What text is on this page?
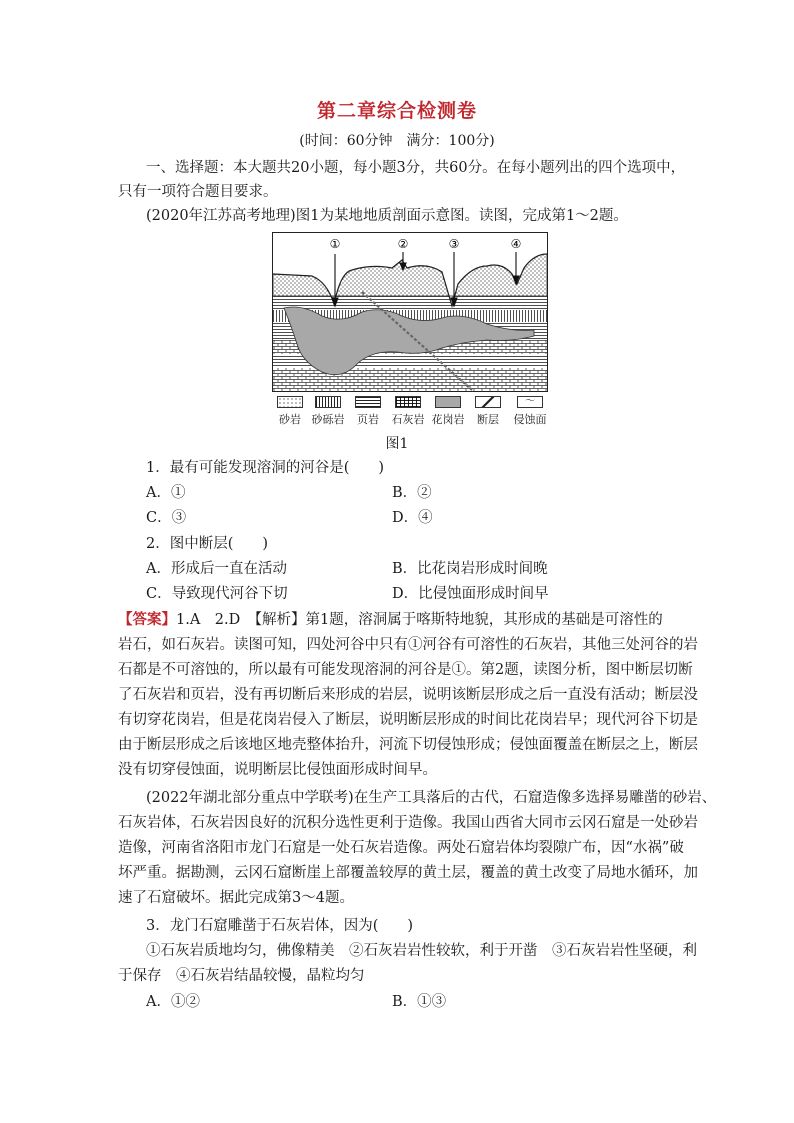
第二章综合检测卷
(时间：60分钟　满分：100分)
一、选择题：本大题共20小题，每小题3分，共60分。在每小题列出的四个选项中，
只有一项符合题目要求。
(2020年江苏高考地理)图1为某地地质剖面示意图。读图，完成第1～2题。
①	②	③	④
砂岩 砂砾岩	页岩	石灰岩 花岗岩	断层
～
侵蚀面
图1
1．最有可能发现溶洞的河谷是(　　)
A．①	B．②
C．③	D．④
2．图中断层(　　)
A．形成后一直在活动	B．比花岗岩形成时间晚
C．导致现代河谷下切	D．比侵蚀面形成时间早
【答案】1.A　2.D　【解析】第1题，溶洞属于喀斯特地貌，其形成的基础是可溶性的
岩石，如石灰岩。读图可知，四处河谷中只有①河谷有可溶性的石灰岩，其他三处河谷的岩
石都是不可溶蚀的，所以最有可能发现溶洞的河谷是①。第2题，读图分析，图中断层切断
了石灰岩和页岩，没有再切断后来形成的岩层，说明该断层形成之后一直没有活动；断层没
有切穿花岗岩，但是花岗岩侵入了断层，说明断层形成的时间比花岗岩早；现代河谷下切是
由于断层形成之后该地区地壳整体抬升，河流下切侵蚀形成；侵蚀面覆盖在断层之上，断层
没有切穿侵蚀面，说明断层比侵蚀面形成时间早。
(2022年湖北部分重点中学联考)在生产工具落后的古代，石窟造像多选择易雕凿的砂岩、
石灰岩体，石灰岩因良好的沉积分选性更利于造像。我国山西省大同市云冈石窟是一处砂岩
造像，河南省洛阳市龙门石窟是一处石灰岩造像。两处石窟岩体均裂隙广布，因“水祸”破
坏严重。据勘测，云冈石窟断崖上部覆盖较厚的黄土层，覆盖的黄土改变了局地水循环，加
速了石窟破坏。据此完成第3～4题。
3．龙门石窟雕凿于石灰岩体，因为(　　)
①石灰岩质地均匀，佛像精美　②石灰岩岩性较软，利于开凿　③石灰岩岩性坚硬，利
于保存　④石灰岩结晶较慢，晶粒均匀
A．①②	B．①③
